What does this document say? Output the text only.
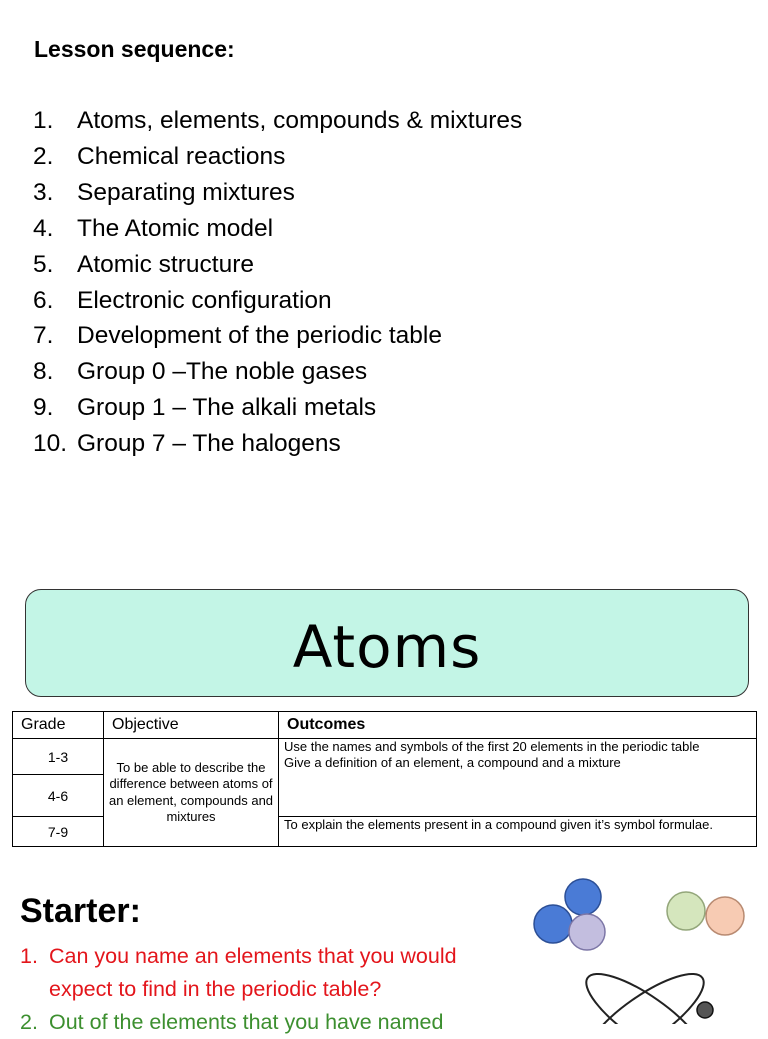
Lesson sequence:
1. Atoms, elements, compounds & mixtures
2. Chemical reactions
3. Separating mixtures
4. The Atomic model
5. Atomic structure
6. Electronic configuration
7. Development of the periodic table
8. Group 0 –The noble gases
9. Group 1 – The alkali metals
10. Group 7 – The halogens
Atoms
Grade	Objective	Outcomes
1-3	To be able to describe the difference between atoms of an element, compounds and mixtures	Use the names and symbols of the first 20 elements in the periodic table
Give a definition of an element, a compound and a mixture

4-6		
7-9		To explain the elements present in a compound given it’s symbol formulae.
Starter:
1. Can you name an elements that you would
expect to find in the periodic table?
2. Out of the elements that you have named
